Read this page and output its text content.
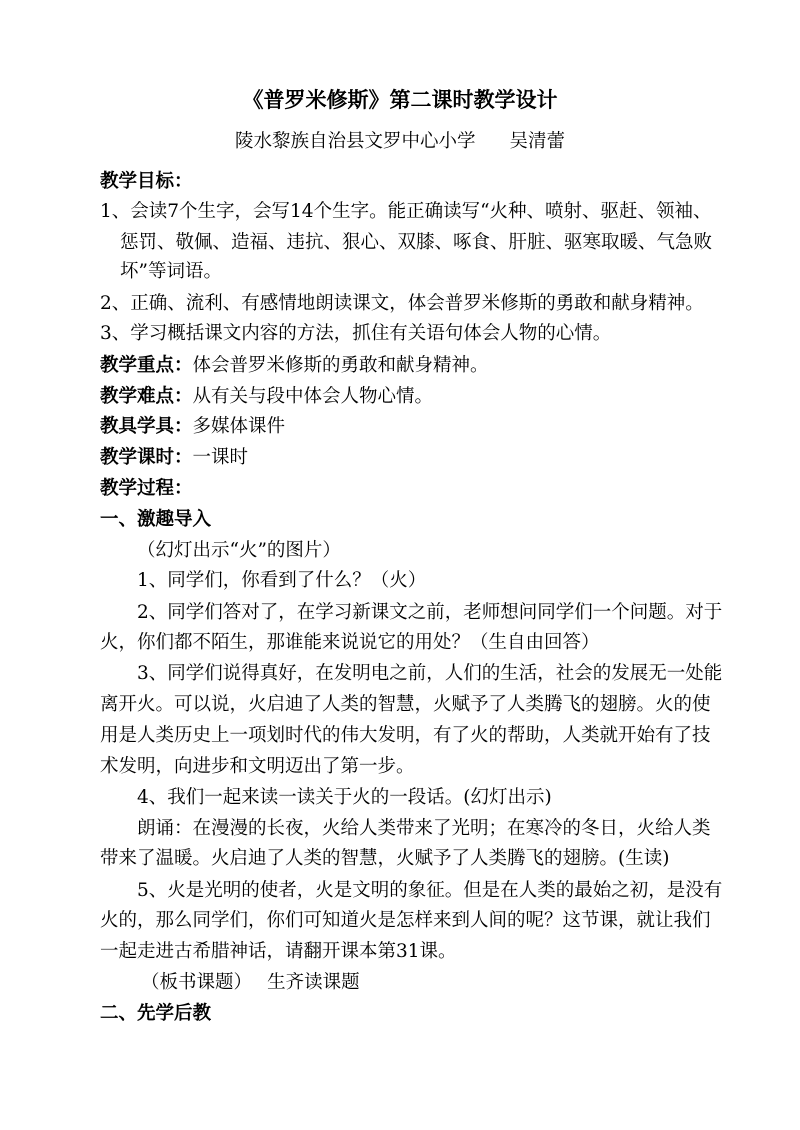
《普罗米修斯》第二课时教学设计
陵水黎族自治县文罗中心小学 吴清蕾
教学目标：
1、会读7个生字，会写14个生字。能正确读写“火种、喷射、驱赶、领袖、
惩罚、敬佩、造福、违抗、狠心、双膝、啄食、肝脏、驱寒取暖、气急败
坏”等词语。
2、正确、流利、有感情地朗读课文，体会普罗米修斯的勇敢和献身精神。
3、学习概括课文内容的方法，抓住有关语句体会人物的心情。
教学重点：体会普罗米修斯的勇敢和献身精神。
教学难点：从有关与段中体会人物心情。
教具学具：多媒体课件
教学课时：一课时
教学过程：
一、激趣导入
（幻灯出示“火”的图片）
1、同学们，你看到了什么？（火）
2、同学们答对了，在学习新课文之前，老师想问同学们一个问题。对于
火，你们都不陌生，那谁能来说说它的用处？（生自由回答）
3、同学们说得真好，在发明电之前，人们的生活，社会的发展无一处能
离开火。可以说，火启迪了人类的智慧，火赋予了人类腾飞的翅膀。火的使
用是人类历史上一项划时代的伟大发明，有了火的帮助，人类就开始有了技
术发明，向进步和文明迈出了第一步。
4、我们一起来读一读关于火的一段话。(幻灯出示)
朗诵：在漫漫的长夜，火给人类带来了光明；在寒冷的冬日，火给人类
带来了温暖。火启迪了人类的智慧，火赋予了人类腾飞的翅膀。(生读)
5、火是光明的使者，火是文明的象征。但是在人类的最始之初，是没有
火的，那么同学们，你们可知道火是怎样来到人间的呢？这节课，就让我们
一起走进古希腊神话，请翻开课本第31课。
（板书课题）　 生齐读课题
二、先学后教
